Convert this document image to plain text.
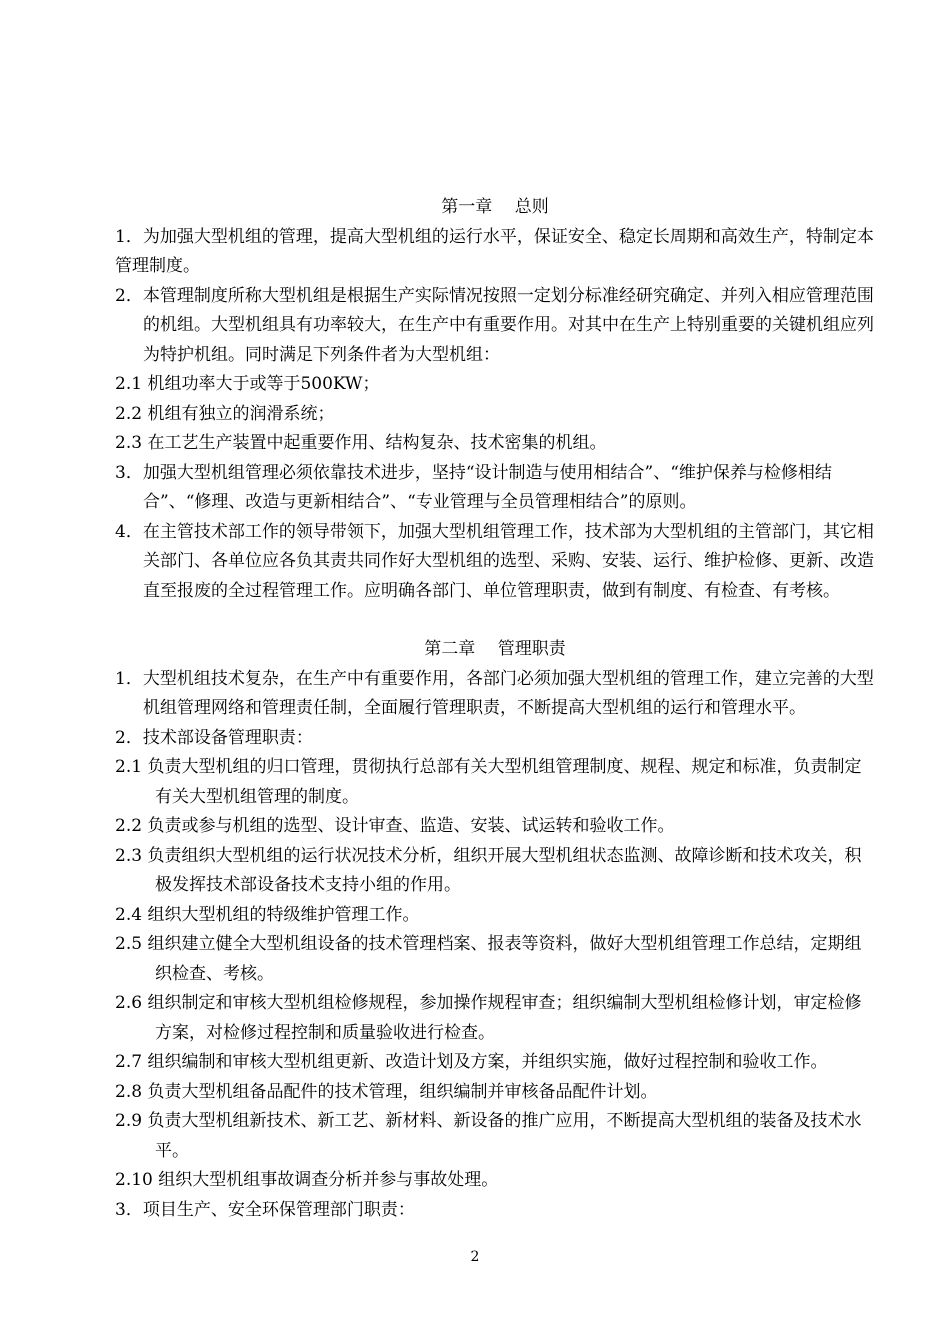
第一章　 总则

1．为加强大型机组的管理，提高大型机组的运行水平，保证安全、稳定长周期和高效生产，特制定本管理制度。

2．本管理制度所称大型机组是根据生产实际情况按照一定划分标准经研究确定、并列入相应管理范围的机组。大型机组具有功率较大，在生产中有重要作用。对其中在生产上特别重要的关键机组应列为特护机组。同时满足下列条件者为大型机组：

2.1 机组功率大于或等于500KW；

2.2 机组有独立的润滑系统；

2.3 在工艺生产装置中起重要作用、结构复杂、技术密集的机组。

3．加强大型机组管理必须依靠技术进步，坚持“设计制造与使用相结合”、“维护保养与检修相结合”、“修理、改造与更新相结合”、“专业管理与全员管理相结合”的原则。

4．在主管技术部工作的领导带领下，加强大型机组管理工作，技术部为大型机组的主管部门，其它相关部门、各单位应各负其责共同作好大型机组的选型、采购、安装、运行、维护检修、更新、改造直至报废的全过程管理工作。应明确各部门、单位管理职责，做到有制度、有检查、有考核。

第二章　 管理职责

1．大型机组技术复杂，在生产中有重要作用，各部门必须加强大型机组的管理工作，建立完善的大型机组管理网络和管理责任制，全面履行管理职责，不断提高大型机组的运行和管理水平。

2．技术部设备管理职责：

2.1 负责大型机组的归口管理，贯彻执行总部有关大型机组管理制度、规程、规定和标准，负责制定有关大型机组管理的制度。

2.2 负责或参与机组的选型、设计审查、监造、安装、试运转和验收工作。

2.3 负责组织大型机组的运行状况技术分析，组织开展大型机组状态监测、故障诊断和技术攻关，积极发挥技术部设备技术支持小组的作用。

2.4 组织大型机组的特级维护管理工作。

2.5 组织建立健全大型机组设备的技术管理档案、报表等资料，做好大型机组管理工作总结，定期组织检查、考核。

2.6 组织制定和审核大型机组检修规程，参加操作规程审查；组织编制大型机组检修计划，审定检修方案，对检修过程控制和质量验收进行检查。

2.7 组织编制和审核大型机组更新、改造计划及方案，并组织实施，做好过程控制和验收工作。

2.8 负责大型机组备品配件的技术管理，组织编制并审核备品配件计划。

2.9 负责大型机组新技术、新工艺、新材料、新设备的推广应用，不断提高大型机组的装备及技术水平。

2.10 组织大型机组事故调查分析并参与事故处理。

3．项目生产、安全环保管理部门职责：

2
